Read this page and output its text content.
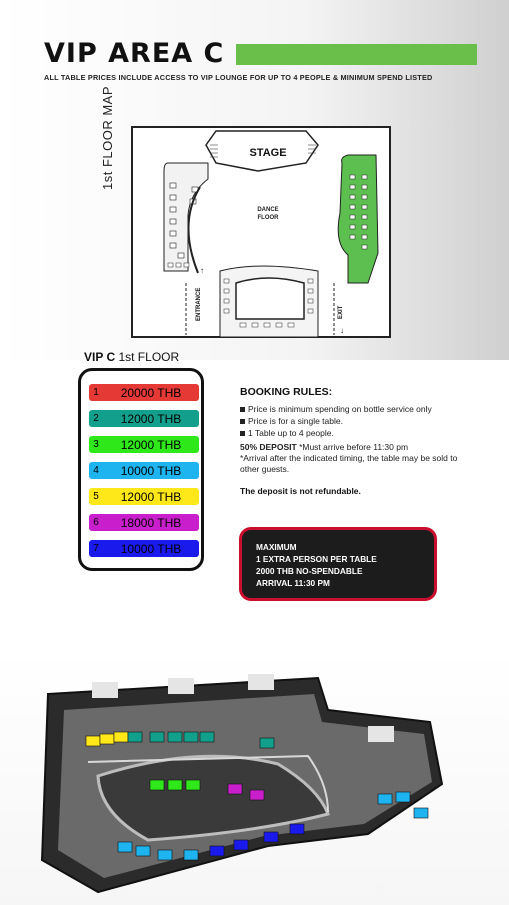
VIP AREA C
ALL TABLE PRICES INCLUDE ACCESS TO VIP LOUNGE FOR UP TO 4 PEOPLE & MINIMUM SPEND LISTED
1st FLOOR MAP	STAGE
DANCE
FLOOR
ENTRANCE
↑
EXIT
↓
VIP C 1st FLOOR
1	20000 THB
2	12000 THB
3	12000 THB
4	10000 THB
5	12000 THB
6	18000 THB
7	10000 THB
BOOKING RULES:
Price is minimum spending on bottle service only
Price is for a single table.
1 Table up to 4 people.
50% DEPOSIT *Must arrive before 11:30 pm
*Arrival after the indicated timing, the table may be sold to other guests.
The deposit is not refundable.
MAXIMUM
1 EXTRA PERSON PER TABLE
2000 THB NO-SPENDABLE
ARRIVAL 11:30 PM
